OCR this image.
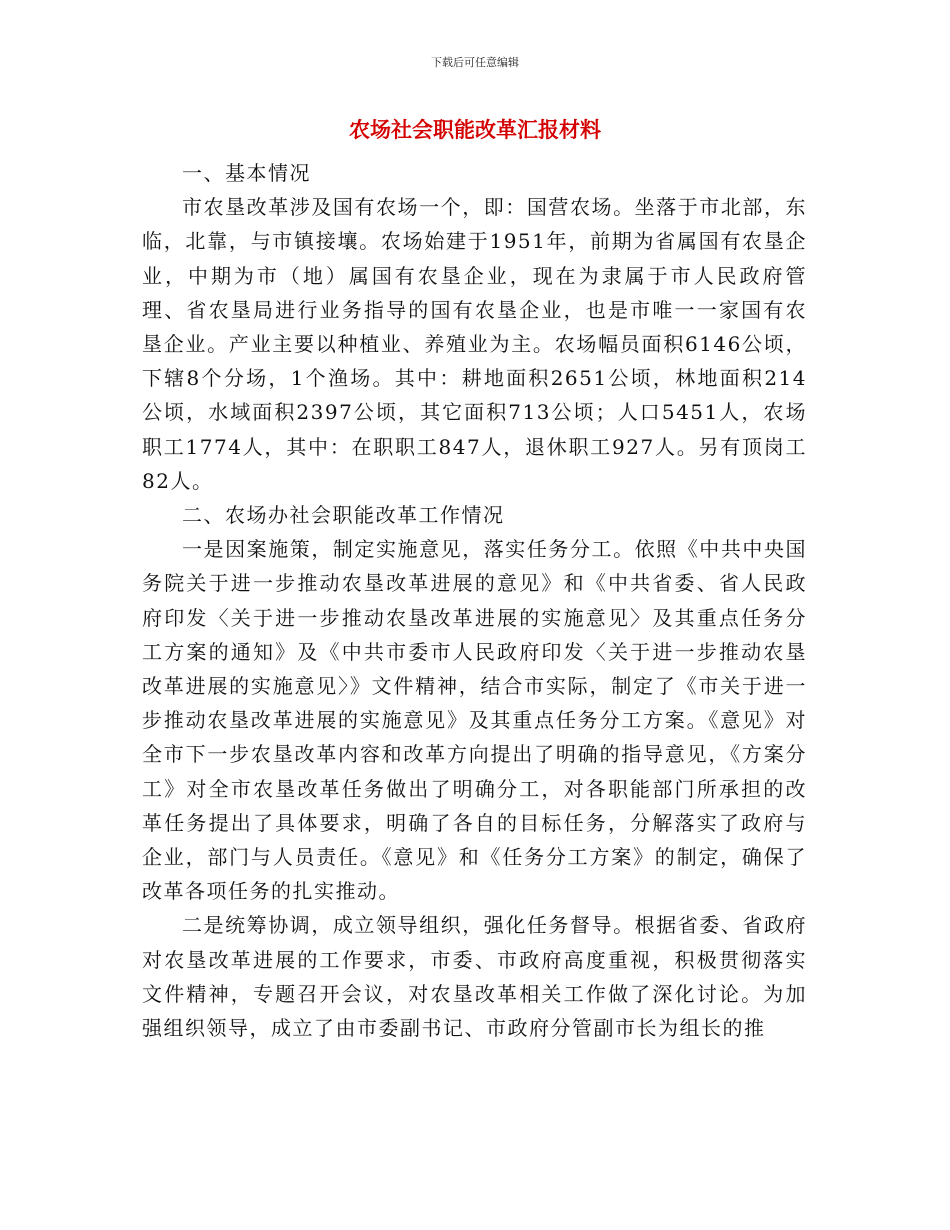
下载后可任意编辑
农场社会职能改革汇报材料

一、基本情况

市农垦改革涉及国有农场一个，即：国营农场。坐落于市北部，东临，北靠，与市镇接壤。农场始建于1951年，前期为省属国有农垦企业，中期为市（地）属国有农垦企业，现在为隶属于市人民政府管理、省农垦局进行业务指导的国有农垦企业，也是市唯一一家国有农垦企业。产业主要以种植业、养殖业为主。农场幅员面积6146公顷，下辖8个分场，1个渔场。其中：耕地面积2651公顷，林地面积214公顷，水域面积2397公顷，其它面积713公顷；人口5451人，农场职工1774人，其中：在职职工847人，退休职工927人。另有顶岗工82人。

二、农场办社会职能改革工作情况

一是因案施策，制定实施意见，落实任务分工。依照《中共中央国务院关于进一步推动农垦改革进展的意见》和《中共省委、省人民政府印发〈关于进一步推动农垦改革进展的实施意见〉及其重点任务分工方案的通知》及《中共市委市人民政府印发〈关于进一步推动农垦改革进展的实施意见〉》文件精神，结合市实际，制定了《市关于进一步推动农垦改革进展的实施意见》及其重点任务分工方案。《意见》对全市下一步农垦改革内容和改革方向提出了明确的指导意见，《方案分工》对全市农垦改革任务做出了明确分工，对各职能部门所承担的改革任务提出了具体要求，明确了各自的目标任务，分解落实了政府与企业，部门与人员责任。《意见》和《任务分工方案》的制定，确保了改革各项任务的扎实推动。

二是统筹协调，成立领导组织，强化任务督导。根据省委、省政府对农垦改革进展的工作要求，市委、市政府高度重视，积极贯彻落实文件精神，专题召开会议，对农垦改革相关工作做了深化讨论。为加强组织领导，成立了由市委副书记、市政府分管副市长为组长的推
